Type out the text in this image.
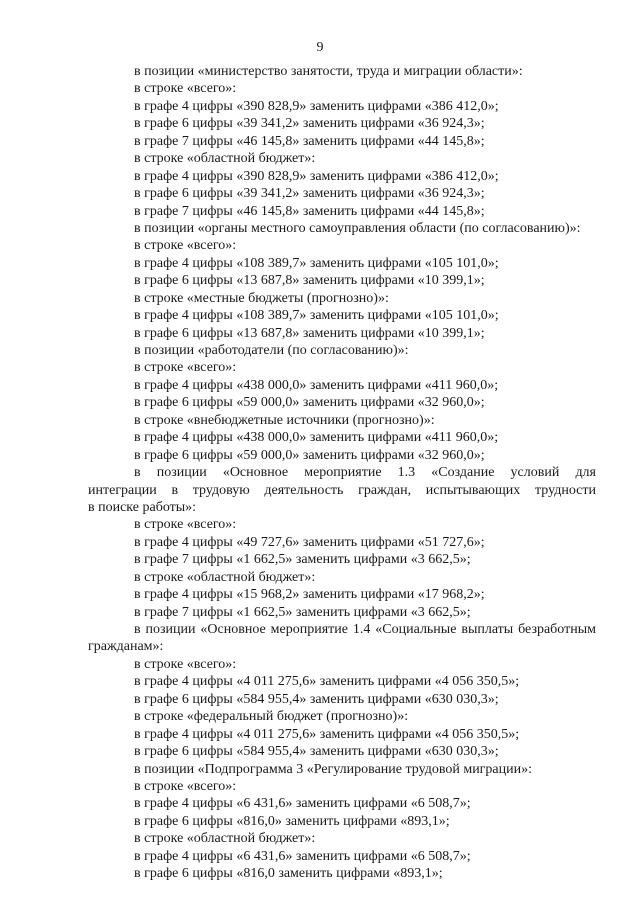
9
в позиции «министерство занятости, труда и миграции области»:
в строке «всего»:
в графе 4 цифры «390 828,9» заменить цифрами «386 412,0»;
в графе 6 цифры «39 341,2» заменить цифрами «36 924,3»;
в графе 7 цифры «46 145,8» заменить цифрами «44 145,8»;
в строке «областной бюджет»:
в графе 4 цифры «390 828,9» заменить цифрами «386 412,0»;
в графе 6 цифры «39 341,2» заменить цифрами «36 924,3»;
в графе 7 цифры «46 145,8» заменить цифрами «44 145,8»;
в позиции «органы местного самоуправления области (по согласованию)»:
в строке «всего»:
в графе 4 цифры «108 389,7» заменить цифрами «105 101,0»;
в графе 6 цифры «13 687,8» заменить цифрами «10 399,1»;
в строке «местные бюджеты (прогнозно)»:
в графе 4 цифры «108 389,7» заменить цифрами «105 101,0»;
в графе 6 цифры «13 687,8» заменить цифрами «10 399,1»;
в позиции «работодатели (по согласованию)»:
в строке «всего»:
в графе 4 цифры «438 000,0» заменить цифрами «411 960,0»;
в графе 6 цифры «59 000,0» заменить цифрами «32 960,0»;
в строке «внебюджетные источники (прогнозно)»:
в графе 4 цифры «438 000,0» заменить цифрами «411 960,0»;
в графе 6 цифры «59 000,0» заменить цифрами «32 960,0»;
в позиции «Основное мероприятие 1.3 «Создание условий для
интеграции в трудовую деятельность граждан, испытывающих трудности
в поиске работы»:
в строке «всего»:
в графе 4 цифры «49 727,6» заменить цифрами «51 727,6»;
в графе 7 цифры «1 662,5» заменить цифрами «3 662,5»;
в строке «областной бюджет»:
в графе 4 цифры «15 968,2» заменить цифрами «17 968,2»;
в графе 7 цифры «1 662,5» заменить цифрами «3 662,5»;
в позиции «Основное мероприятие 1.4 «Социальные выплаты безработным
гражданам»:
в строке «всего»:
в графе 4 цифры «4 011 275,6» заменить цифрами «4 056 350,5»;
в графе 6 цифры «584 955,4» заменить цифрами «630 030,3»;
в строке «федеральный бюджет (прогнозно)»:
в графе 4 цифры «4 011 275,6» заменить цифрами «4 056 350,5»;
в графе 6 цифры «584 955,4» заменить цифрами «630 030,3»;
в позиции «Подпрограмма 3 «Регулирование трудовой миграции»:
в строке «всего»:
в графе 4 цифры «6 431,6» заменить цифрами «6 508,7»;
в графе 6 цифры «816,0» заменить цифрами «893,1»;
в строке «областной бюджет»:
в графе 4 цифры «6 431,6» заменить цифрами «6 508,7»;
в графе 6 цифры «816,0 заменить цифрами «893,1»;
